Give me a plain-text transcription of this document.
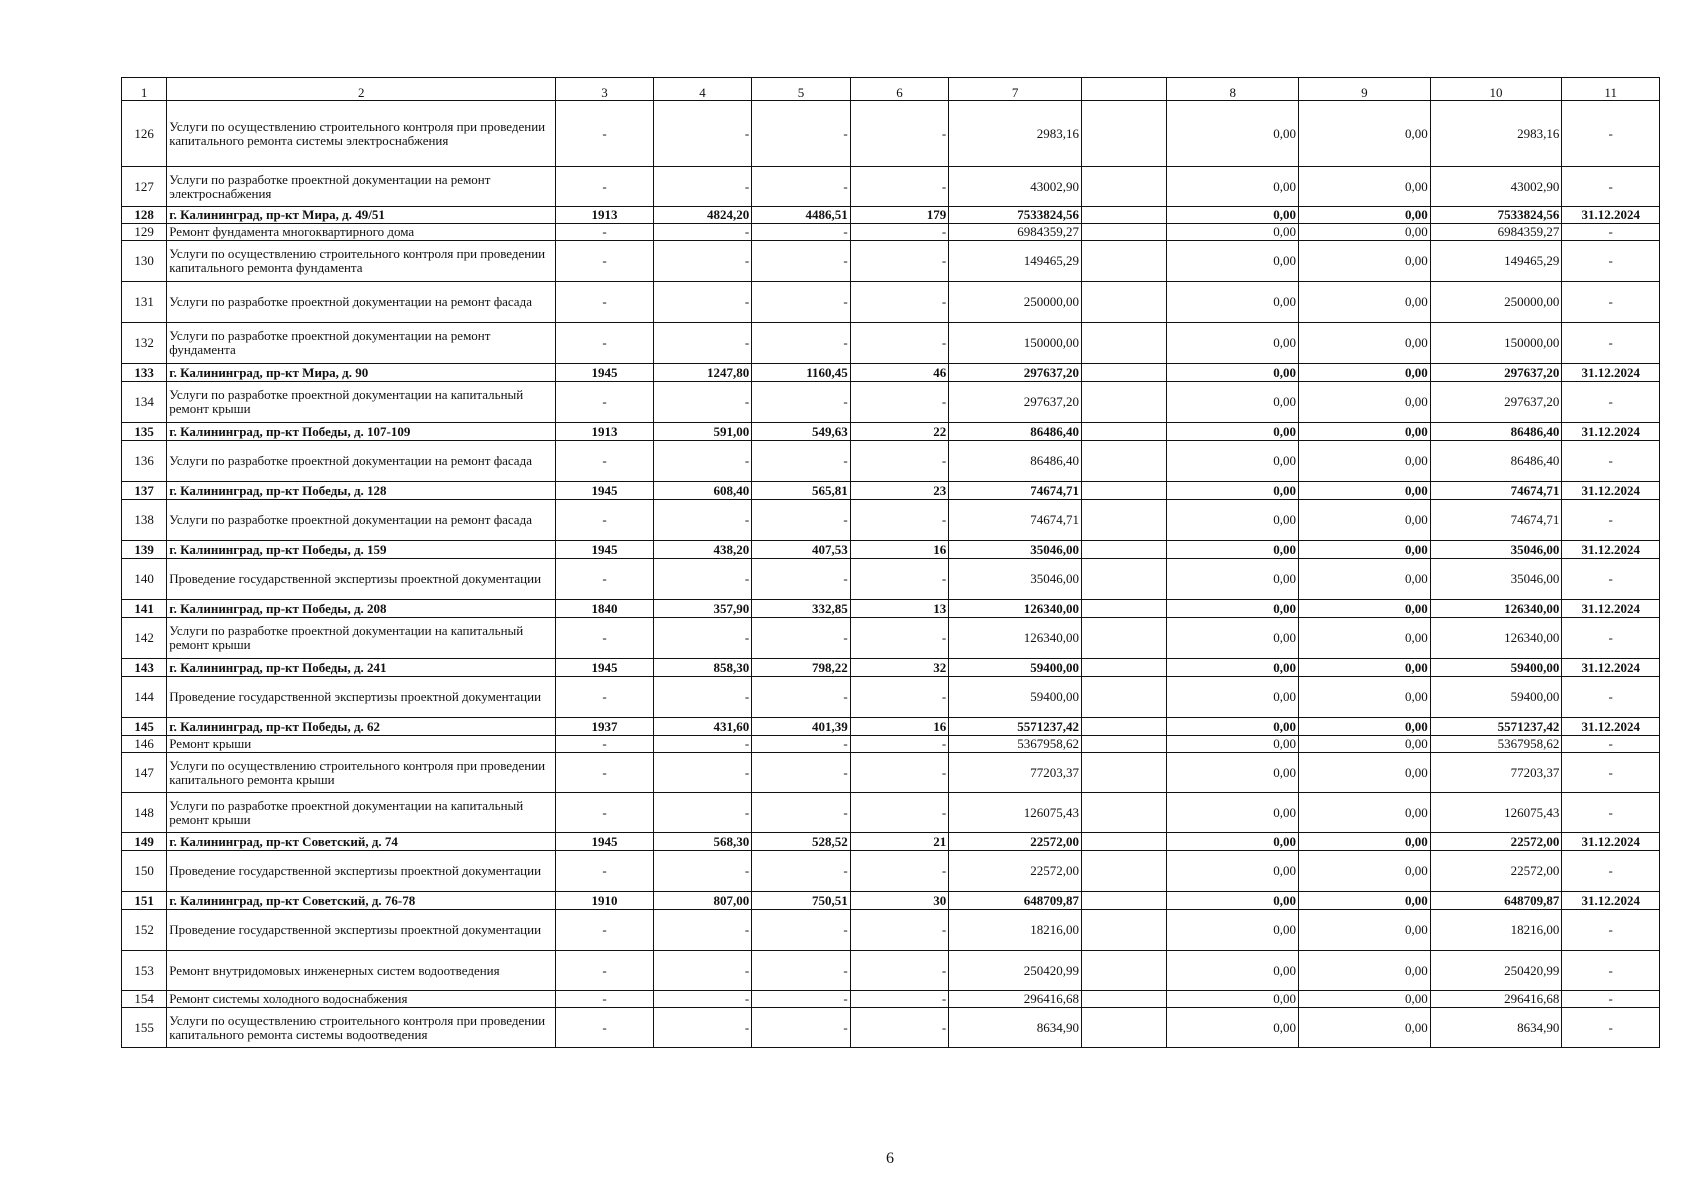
1	2	3	4	5	6	7		8	9	10	11
126	Услуги по осуществлению строительного контроля при проведении капитального ремонта системы электроснабжения	-	-	-	-	2983,16		0,00	0,00	2983,16	-
127	Услуги по разработке проектной документации на ремонт электроснабжения	-	-	-	-	43002,90		0,00	0,00	43002,90	-
128	г. Калининград, пр-кт Мира, д. 49/51	1913	4824,20	4486,51	179	7533824,56		0,00	0,00	7533824,56	31.12.2024
129	Ремонт фундамента многоквартирного дома	-	-	-	-	6984359,27		0,00	0,00	6984359,27	-
130	Услуги по осуществлению строительного контроля при проведении капитального ремонта фундамента	-	-	-	-	149465,29		0,00	0,00	149465,29	-
131	Услуги по разработке проектной документации на ремонт фасада	-	-	-	-	250000,00		0,00	0,00	250000,00	-
132	Услуги по разработке проектной документации на ремонт фундамента	-	-	-	-	150000,00		0,00	0,00	150000,00	-
133	г. Калининград, пр-кт Мира, д. 90	1945	1247,80	1160,45	46	297637,20		0,00	0,00	297637,20	31.12.2024
134	Услуги по разработке проектной документации на капитальный ремонт крыши	-	-	-	-	297637,20		0,00	0,00	297637,20	-
135	г. Калининград, пр-кт Победы, д. 107-109	1913	591,00	549,63	22	86486,40		0,00	0,00	86486,40	31.12.2024
136	Услуги по разработке проектной документации на ремонт фасада	-	-	-	-	86486,40		0,00	0,00	86486,40	-
137	г. Калининград, пр-кт Победы, д. 128	1945	608,40	565,81	23	74674,71		0,00	0,00	74674,71	31.12.2024
138	Услуги по разработке проектной документации на ремонт фасада	-	-	-	-	74674,71		0,00	0,00	74674,71	-
139	г. Калининград, пр-кт Победы, д. 159	1945	438,20	407,53	16	35046,00		0,00	0,00	35046,00	31.12.2024
140	Проведение государственной экспертизы проектной документации	-	-	-	-	35046,00		0,00	0,00	35046,00	-
141	г. Калининград, пр-кт Победы, д. 208	1840	357,90	332,85	13	126340,00		0,00	0,00	126340,00	31.12.2024
142	Услуги по разработке проектной документации на капитальный ремонт крыши	-	-	-	-	126340,00		0,00	0,00	126340,00	-
143	г. Калининград, пр-кт Победы, д. 241	1945	858,30	798,22	32	59400,00		0,00	0,00	59400,00	31.12.2024
144	Проведение государственной экспертизы проектной документации	-	-	-	-	59400,00		0,00	0,00	59400,00	-
145	г. Калининград, пр-кт Победы, д. 62	1937	431,60	401,39	16	5571237,42		0,00	0,00	5571237,42	31.12.2024
146	Ремонт крыши	-	-	-	-	5367958,62		0,00	0,00	5367958,62	-
147	Услуги по осуществлению строительного контроля при проведении капитального ремонта крыши	-	-	-	-	77203,37		0,00	0,00	77203,37	-
148	Услуги по разработке проектной документации на капитальный ремонт крыши	-	-	-	-	126075,43		0,00	0,00	126075,43	-
149	г. Калининград, пр-кт Советский, д. 74	1945	568,30	528,52	21	22572,00		0,00	0,00	22572,00	31.12.2024
150	Проведение государственной экспертизы проектной документации	-	-	-	-	22572,00		0,00	0,00	22572,00	-
151	г. Калининград, пр-кт Советский, д. 76-78	1910	807,00	750,51	30	648709,87		0,00	0,00	648709,87	31.12.2024
152	Проведение государственной экспертизы проектной документации	-	-	-	-	18216,00		0,00	0,00	18216,00	-
153	Ремонт внутридомовых инженерных систем водоотведения	-	-	-	-	250420,99		0,00	0,00	250420,99	-
154	Ремонт системы холодного водоснабжения	-	-	-	-	296416,68		0,00	0,00	296416,68	-
155	Услуги по осуществлению строительного контроля при проведении капитального ремонта системы водоотведения	-	-	-	-	8634,90		0,00	0,00	8634,90	-
6
